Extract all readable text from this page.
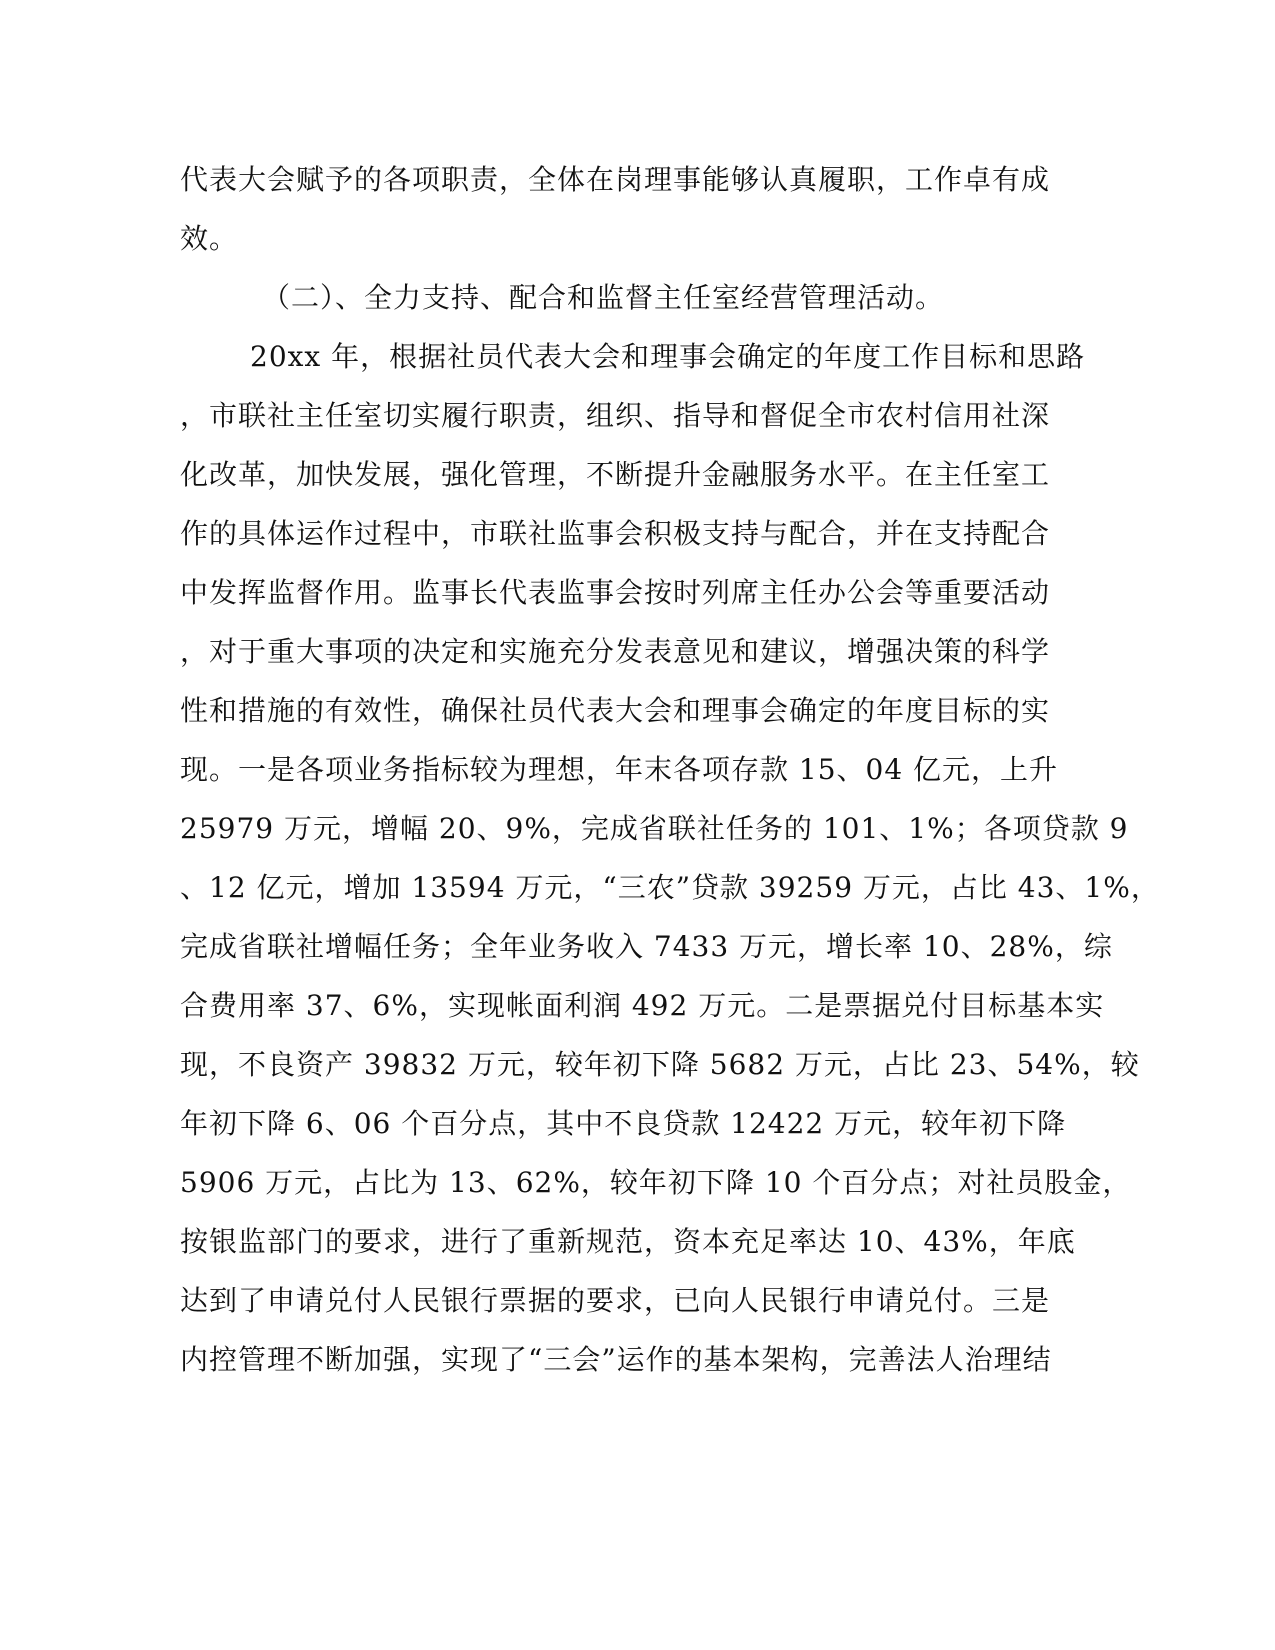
代表大会赋予的各项职责，全体在岗理事能够认真履职，工作卓有成
效。
（二）、全力支持、配合和监督主任室经营管理活动。
20xx 年，根据社员代表大会和理事会确定的年度工作目标和思路
，市联社主任室切实履行职责，组织、指导和督促全市农村信用社深
化改革，加快发展，强化管理，不断提升金融服务水平。在主任室工
作的具体运作过程中，市联社监事会积极支持与配合，并在支持配合
中发挥监督作用。监事长代表监事会按时列席主任办公会等重要活动
，对于重大事项的决定和实施充分发表意见和建议，增强决策的科学
性和措施的有效性，确保社员代表大会和理事会确定的年度目标的实
现。一是各项业务指标较为理想，年末各项存款 15、04 亿元，上升
25979 万元，增幅 20、9%，完成省联社任务的 101、1%；各项贷款 9
、12 亿元，增加 13594 万元，“三农”贷款 39259 万元，占比 43、1%，
完成省联社增幅任务；全年业务收入 7433 万元，增长率 10、28%，综
合费用率 37、6%，实现帐面利润 492 万元。二是票据兑付目标基本实
现，不良资产 39832 万元，较年初下降 5682 万元，占比 23、54%，较
年初下降 6、06 个百分点，其中不良贷款 12422 万元，较年初下降
5906 万元，占比为 13、62%，较年初下降 10 个百分点；对社员股金，
按银监部门的要求，进行了重新规范，资本充足率达 10、43%，年底
达到了申请兑付人民银行票据的要求，已向人民银行申请兑付。三是
内控管理不断加强，实现了“三会”运作的基本架构，完善法人治理结
